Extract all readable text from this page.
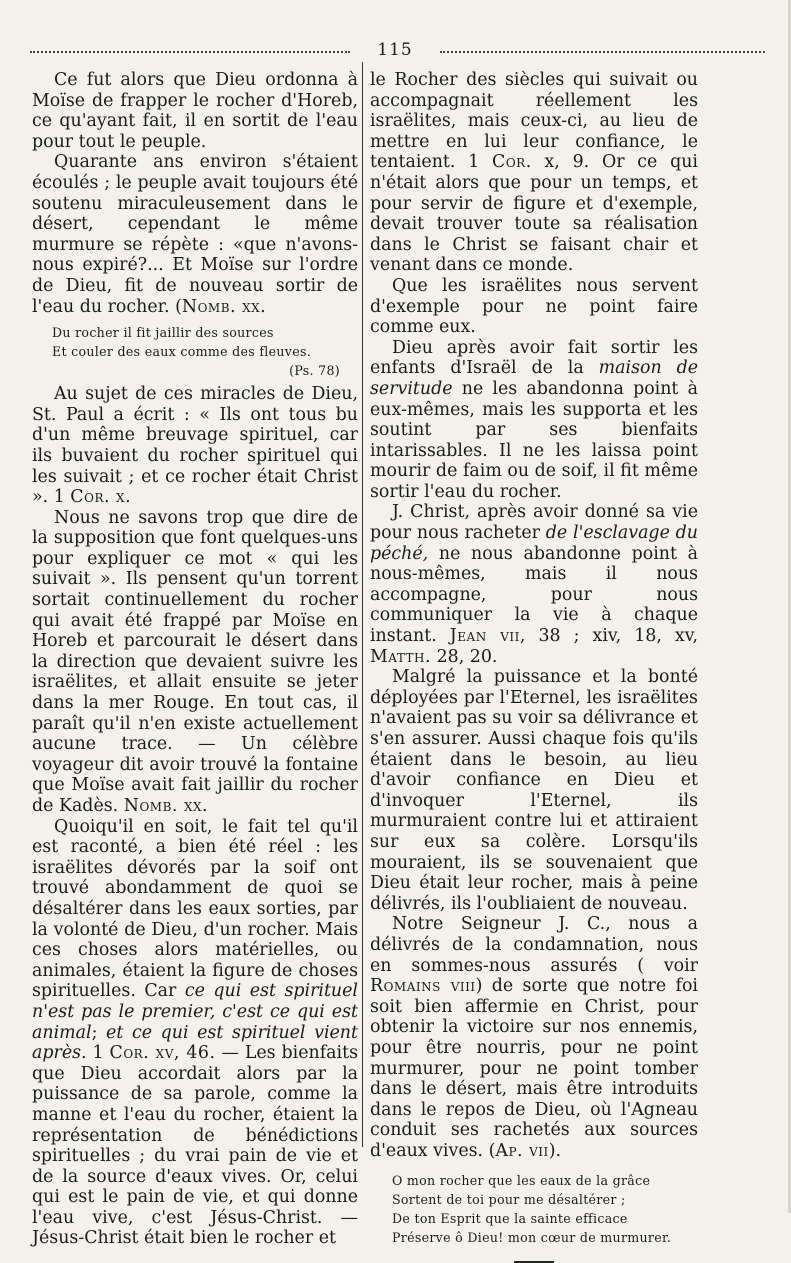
115

Ce fut alors que Dieu ordonna à Moïse de frapper le rocher d'Horeb, ce qu'ayant fait, il en sortit de l'eau pour tout le peuple.

Quarante ans environ s'étaient écoulés ; le peuple avait toujours été soutenu miraculeusement dans le désert, cependant le même murmure se répète : «que n'avons-nous expiré?... Et Moïse sur l'ordre de Dieu, fit de nouveau sortir de l'eau du rocher. (Nomb. xx.

Du rocher il fit jaillir des sources
Et couler des eaux comme des fleuves.
(Ps. 78)

Au sujet de ces miracles de Dieu, St. Paul a écrit : « Ils ont tous bu d'un même breuvage spirituel, car ils buvaient du rocher spirituel qui les suivait ; et ce rocher était Christ ». 1 Cor. x.

Nous ne savons trop que dire de la supposition que font quelques-uns pour expliquer ce mot « qui les suivait ». Ils pensent qu'un torrent sortait continuellement du rocher qui avait été frappé par Moïse en Horeb et parcourait le désert dans la direction que devaient suivre les israëlites, et allait ensuite se jeter dans la mer Rouge. En tout cas, il paraît qu'il n'en existe actuellement aucune trace. — Un célèbre voyageur dit avoir trouvé la fontaine que Moïse avait fait jaillir du rocher de Kadès. Nomb. xx.

Quoiqu'il en soit, le fait tel qu'il est raconté, a bien été réel : les israëlites dévorés par la soif ont trouvé abondamment de quoi se désaltérer dans les eaux sorties, par la volonté de Dieu, d'un rocher. Mais ces choses alors matérielles, ou animales, étaient la figure de choses spirituelles. Car ce qui est spirituel n'est pas le premier, c'est ce qui est animal; et ce qui est spirituel vient après. 1 Cor. xv, 46. — Les bienfaits que Dieu accordait alors par la puissance de sa parole, comme la manne et l'eau du rocher, étaient la représentation de bénédictions spirituelles ; du vrai pain de vie et de la source d'eaux vives. Or, celui qui est le pain de vie, et qui donne l'eau vive, c'est Jésus-Christ. — Jésus-Christ était bien le rocher et

le Rocher des siècles qui suivait ou accompagnait réellement les israëlites, mais ceux-ci, au lieu de mettre en lui leur confiance, le tentaient. 1 Cor. x, 9. Or ce qui n'était alors que pour un temps, et pour servir de figure et d'exemple, devait trouver toute sa réalisation dans le Christ se faisant chair et venant dans ce monde.

Que les israëlites nous servent d'exemple pour ne point faire comme eux.

Dieu après avoir fait sortir les enfants d'Israël de la maison de servitude ne les abandonna point à eux-mêmes, mais les supporta et les soutint par ses bienfaits intarissables. Il ne les laissa point mourir de faim ou de soif, il fit même sortir l'eau du rocher.

J. Christ, après avoir donné sa vie pour nous racheter de l'esclavage du péché, ne nous abandonne point à nous-mêmes, mais il nous accompagne, pour nous communiquer la vie à chaque instant. Jean vii, 38 ; xiv, 18, xv, Matth. 28, 20.

Malgré la puissance et la bonté déployées par l'Eternel, les israëlites n'avaient pas su voir sa délivrance et s'en assurer. Aussi chaque fois qu'ils étaient dans le besoin, au lieu d'avoir confiance en Dieu et d'invoquer l'Eternel, ils murmuraient contre lui et attiraient sur eux sa colère. Lorsqu'ils mouraient, ils se souvenaient que Dieu était leur rocher, mais à peine délivrés, ils l'oubliaient de nouveau.

Notre Seigneur J. C., nous a délivrés de la condamnation, nous en sommes-nous assurés ( voir Romains viii) de sorte que notre foi soit bien affermie en Christ, pour obtenir la victoire sur nos ennemis, pour être nourris, pour ne point murmurer, pour ne point tomber dans le désert, mais être introduits dans le repos de Dieu, où l'Agneau conduit ses rachetés aux sources d'eaux vives. (Ap. vii).

O mon rocher que les eaux de la grâce
Sortent de toi pour me désaltérer ;
De ton Esprit que la sainte efficace
Préserve ô Dieu! mon cœur de murmurer.
